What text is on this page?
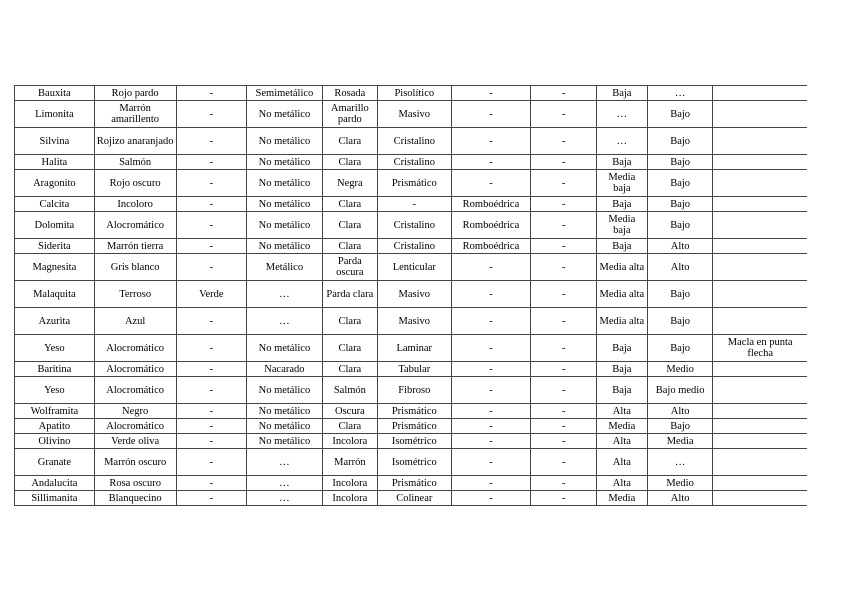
Bauxita	Rojo pardo	-	Semimetálico	Rosada	Pisolítico	-	-	Baja	…	
Limonita	Marrón amarillento	-	No metálico	Amarillo pardo	Masivo	-	-	…	Bajo	
Silvina	Rojizo anaranjado	-	No metálico	Clara	Cristalino	-	-	…	Bajo	
Halita	Salmón	-	No metálico	Clara	Cristalino	-	-	Baja	Bajo	
Aragonito	Rojo oscuro	-	No metálico	Negra	Prismático	-	-	Media baja	Bajo	
Calcita	Incoloro	-	No metálico	Clara	-	Romboédrica	-	Baja	Bajo	
Dolomita	Alocromático	-	No metálico	Clara	Cristalino	Romboédrica	-	Media baja	Bajo	
Siderita	Marrón tierra	-	No metálico	Clara	Cristalino	Romboédrica	-	Baja	Alto	
Magnesita	Gris blanco	-	Metálico	Parda oscura	Lenticular	-	-	Media alta	Alto	
Malaquita	Terroso	Verde	…	Parda clara	Masivo	-	-	Media alta	Bajo	
Azurita	Azul	-	…	Clara	Masivo	-	-	Media alta	Bajo	
Yeso	Alocromático	-	No metálico	Clara	Laminar	-	-	Baja	Bajo	Macla en punta flecha
Baritina	Alocromático	-	Nacarado	Clara	Tabular	-	-	Baja	Medio	
Yeso	Alocromático	-	No metálico	Salmón	Fibroso	-	-	Baja	Bajo medio	
Wolframita	Negro	-	No metálico	Oscura	Prismático	-	-	Alta	Alto	
Apatito	Alocromático	-	No metálico	Clara	Prismático	-	-	Media	Bajo	
Olivino	Verde oliva	-	No metálico	Incolora	Isométrico	-	-	Alta	Media	
Granate	Marrón oscuro	-	…	Marrón	Isométrico	-	-	Alta	…	
Andalucita	Rosa oscuro	-	…	Incolora	Prismático	-	-	Alta	Medio	
Sillimanita	Blanquecino	-	…	Incolora	Colinear	-	-	Media	Alto	
